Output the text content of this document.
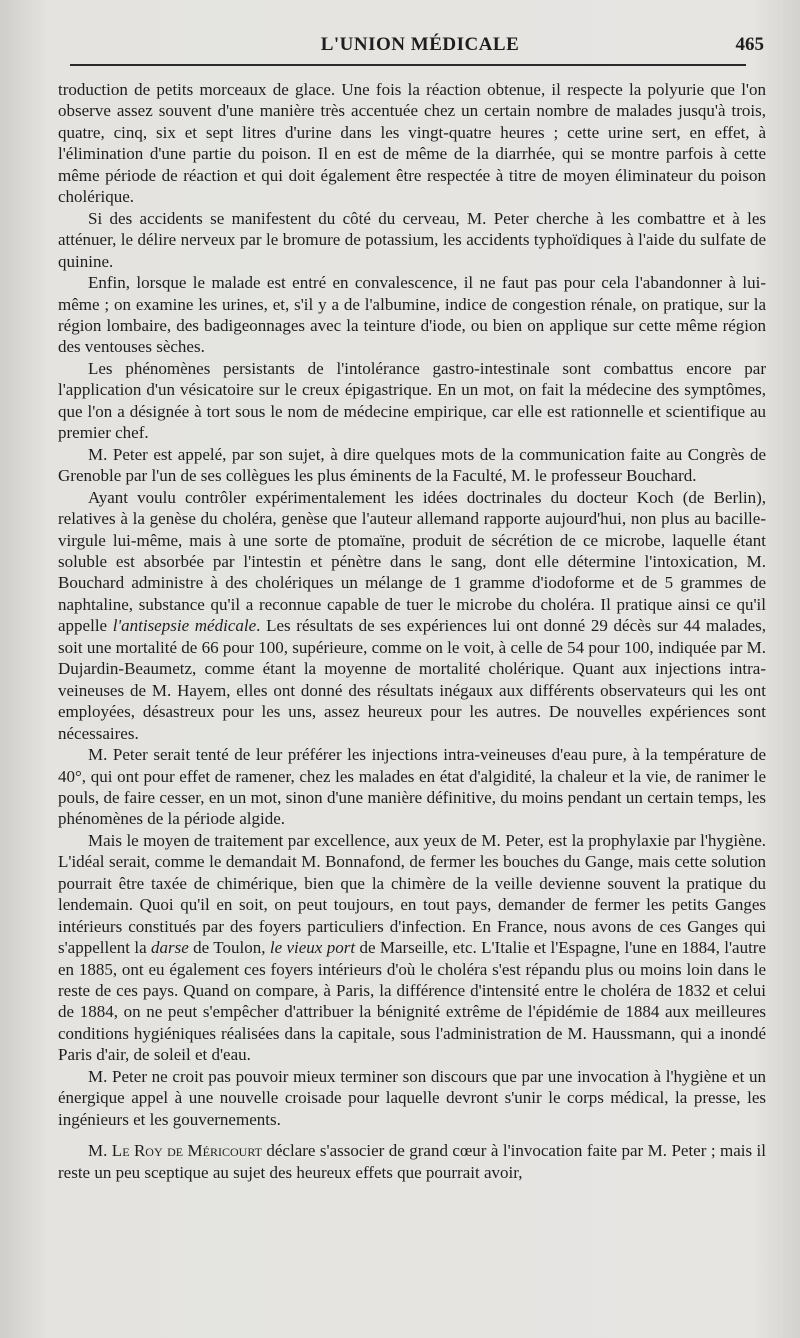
L'UNION MÉDICALE	465

troduction de petits morceaux de glace. Une fois la réaction obtenue, il respecte la polyurie que l'on observe assez souvent d'une manière très accentuée chez un certain nombre de malades jusqu'à trois, quatre, cinq, six et sept litres d'urine dans les vingt-quatre heures ; cette urine sert, en effet, à l'élimination d'une partie du poison. Il en est de même de la diarrhée, qui se montre parfois à cette même période de réaction et qui doit également être respectée à titre de moyen éliminateur du poison cholérique.

Si des accidents se manifestent du côté du cerveau, M. Peter cherche à les combattre et à les atténuer, le délire nerveux par le bromure de potassium, les accidents typhoïdiques à l'aide du sulfate de quinine.

Enfin, lorsque le malade est entré en convalescence, il ne faut pas pour cela l'abandonner à lui-même ; on examine les urines, et, s'il y a de l'albumine, indice de congestion rénale, on pratique, sur la région lombaire, des badigeonnages avec la teinture d'iode, ou bien on applique sur cette même région des ventouses sèches.

Les phénomènes persistants de l'intolérance gastro-intestinale sont combattus encore par l'application d'un vésicatoire sur le creux épigastrique. En un mot, on fait la médecine des symptômes, que l'on a désignée à tort sous le nom de médecine empirique, car elle est rationnelle et scientifique au premier chef.

M. Peter est appelé, par son sujet, à dire quelques mots de la communication faite au Congrès de Grenoble par l'un de ses collègues les plus éminents de la Faculté, M. le professeur Bouchard.

Ayant voulu contrôler expérimentalement les idées doctrinales du docteur Koch (de Berlin), relatives à la genèse du choléra, genèse que l'auteur allemand rapporte aujourd'hui, non plus au bacille-virgule lui-même, mais à une sorte de ptomaïne, produit de sécrétion de ce microbe, laquelle étant soluble est absorbée par l'intestin et pénètre dans le sang, dont elle détermine l'intoxication, M. Bouchard administre à des cholériques un mélange de 1 gramme d'iodoforme et de 5 grammes de naphtaline, substance qu'il a reconnue capable de tuer le microbe du choléra. Il pratique ainsi ce qu'il appelle l'antisepsie médicale. Les résultats de ses expériences lui ont donné 29 décès sur 44 malades, soit une mortalité de 66 pour 100, supérieure, comme on le voit, à celle de 54 pour 100, indiquée par M. Dujardin-Beaumetz, comme étant la moyenne de mortalité cholérique. Quant aux injections intra-veineuses de M. Hayem, elles ont donné des résultats inégaux aux différents observateurs qui les ont employées, désastreux pour les uns, assez heureux pour les autres. De nouvelles expériences sont nécessaires.

M. Peter serait tenté de leur préférer les injections intra-veineuses d'eau pure, à la température de 40°, qui ont pour effet de ramener, chez les malades en état d'algidité, la chaleur et la vie, de ranimer le pouls, de faire cesser, en un mot, sinon d'une manière définitive, du moins pendant un certain temps, les phénomènes de la période algide.

Mais le moyen de traitement par excellence, aux yeux de M. Peter, est la prophylaxie par l'hygiène. L'idéal serait, comme le demandait M. Bonnafond, de fermer les bouches du Gange, mais cette solution pourrait être taxée de chimérique, bien que la chimère de la veille devienne souvent la pratique du lendemain. Quoi qu'il en soit, on peut toujours, en tout pays, demander de fermer les petits Ganges intérieurs constitués par des foyers particuliers d'infection. En France, nous avons de ces Ganges qui s'appellent la darse de Toulon, le vieux port de Marseille, etc. L'Italie et l'Espagne, l'une en 1884, l'autre en 1885, ont eu également ces foyers intérieurs d'où le choléra s'est répandu plus ou moins loin dans le reste de ces pays. Quand on compare, à Paris, la différence d'intensité entre le choléra de 1832 et celui de 1884, on ne peut s'empêcher d'attribuer la bénignité extrême de l'épidémie de 1884 aux meilleures conditions hygiéniques réalisées dans la capitale, sous l'administration de M. Haussmann, qui a inondé Paris d'air, de soleil et d'eau.

M. Peter ne croit pas pouvoir mieux terminer son discours que par une invocation à l'hygiène et un énergique appel à une nouvelle croisade pour laquelle devront s'unir le corps médical, la presse, les ingénieurs et les gouvernements.

M. Le Roy de Méricourt déclare s'associer de grand cœur à l'invocation faite par M. Peter ; mais il reste un peu sceptique au sujet des heureux effets que pourrait avoir,
